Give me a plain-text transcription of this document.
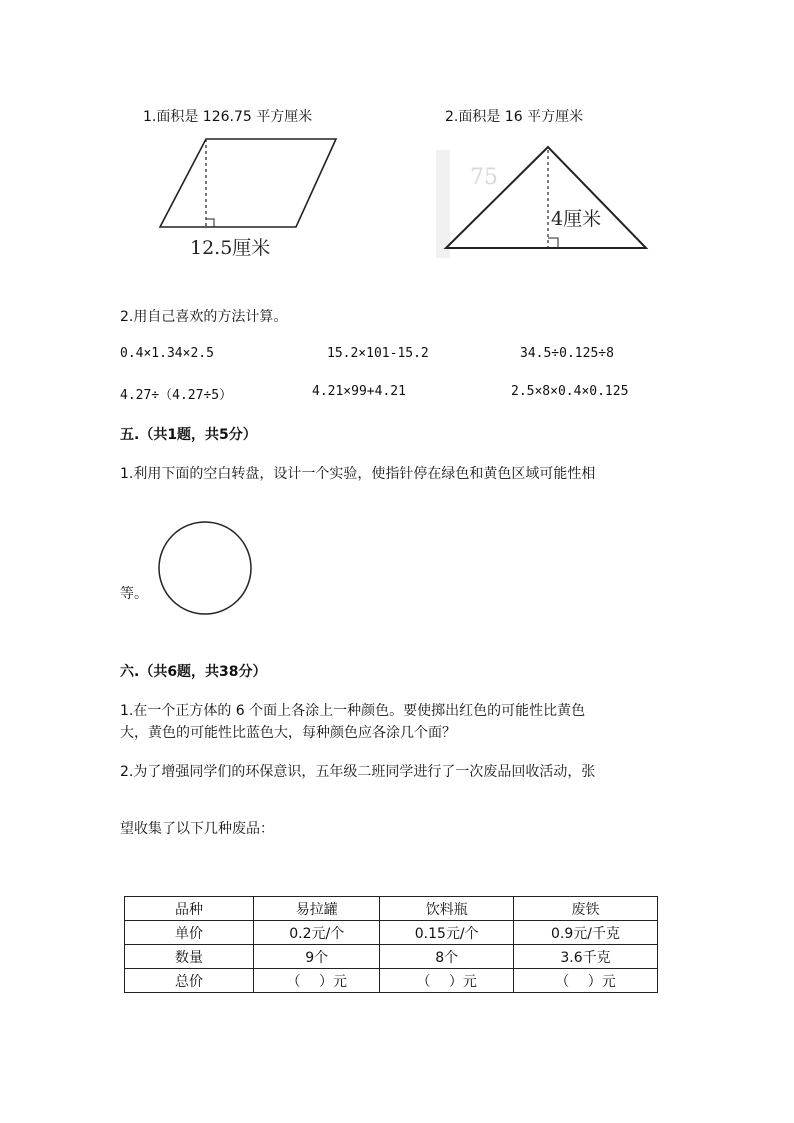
1.面积是 126.75 平方厘米	2.面积是 16 平方厘米
12.5厘米
75
4厘米
2.用自己喜欢的方法计算。
0.4×1.34×2.5	15.2×101-15.2	34.5÷0.125÷8
4.27÷（4.27÷5）	4.21×99+4.21	2.5×8×0.4×0.125
五.（共1题，共5分）
1.利用下面的空白转盘，设计一个实验，使指针停在绿色和黄色区域可能性相
等。
六.（共6题，共38分）
1.在一个正方体的 6 个面上各涂上一种颜色。要使掷出红色的可能性比黄色
大，黄色的可能性比蓝色大，每种颜色应各涂几个面？
2.为了增强同学们的环保意识，五年级二班同学进行了一次废品回收活动，张
望收集了以下几种废品：
品种	易拉罐	饮料瓶	废铁
单价	0.2元/个	0.15元/个	0.9元/千克
数量	9个	8个	3.6千克
总价	（　 ）元	（　 ）元	（　 ）元
